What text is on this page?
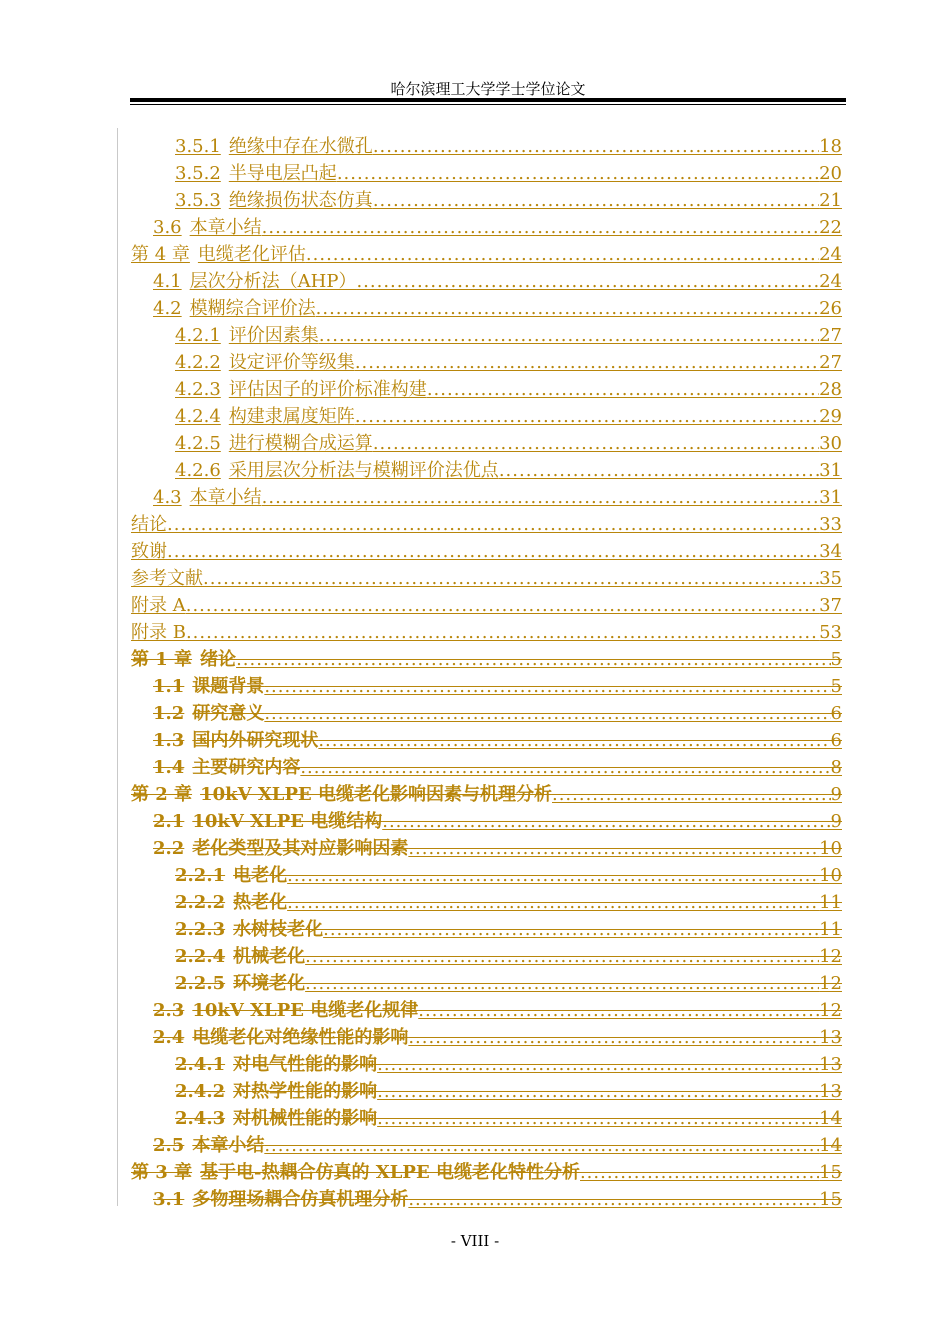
哈尔滨理工大学学士学位论文
3.5.1 绝缘中存在水微孔 .....	18
3.5.2 半导电层凸起 .....	20
3.5.3 绝缘损伤状态仿真 .....	21
3.6 本章小结 .....	22
第 4 章 电缆老化评估 .....	24
4.1 层次分析法（AHP） .....	24
4.2 模糊综合评价法 .....	26
4.2.1 评价因素集 .....	27
4.2.2 设定评价等级集 .....	27
4.2.3 评估因子的评价标准构建 .....	28
4.2.4 构建隶属度矩阵 .....	29
4.2.5 进行模糊合成运算 .....	30
4.2.6 采用层次分析法与模糊评价法优点 .....	31
4.3 本章小结 .....	31
结论 .....	33
致谢 .....	34
参考文献 .....	35
附录 A .....	37
附录 B .....	53
第 1 章 绪论 .....	5
1.1 课题背景 .....	5
1.2 研究意义 .....	6
1.3 国内外研究现状 .....	6
1.4 主要研究内容 .....	8
第 2 章 10kV XLPE 电缆老化影响因素与机理分析 .....	9
2.1 10kV XLPE 电缆结构 .....	9
2.2 老化类型及其对应影响因素 .....	10
2.2.1 电老化 .....	10
2.2.2 热老化 .....	11
2.2.3 水树枝老化 .....	11
2.2.4 机械老化 .....	12
2.2.5 环境老化 .....	12
2.3 10kV XLPE 电缆老化规律 .....	12
2.4 电缆老化对绝缘性能的影响 .....	13
2.4.1 对电气性能的影响 .....	13
2.4.2 对热学性能的影响 .....	13
2.4.3 对机械性能的影响 .....	14
2.5 本章小结 .....	14
第 3 章 基于电-热耦合仿真的 XLPE 电缆老化特性分析 .....	15
3.1 多物理场耦合仿真机理分析 .....	15
- VIII -
